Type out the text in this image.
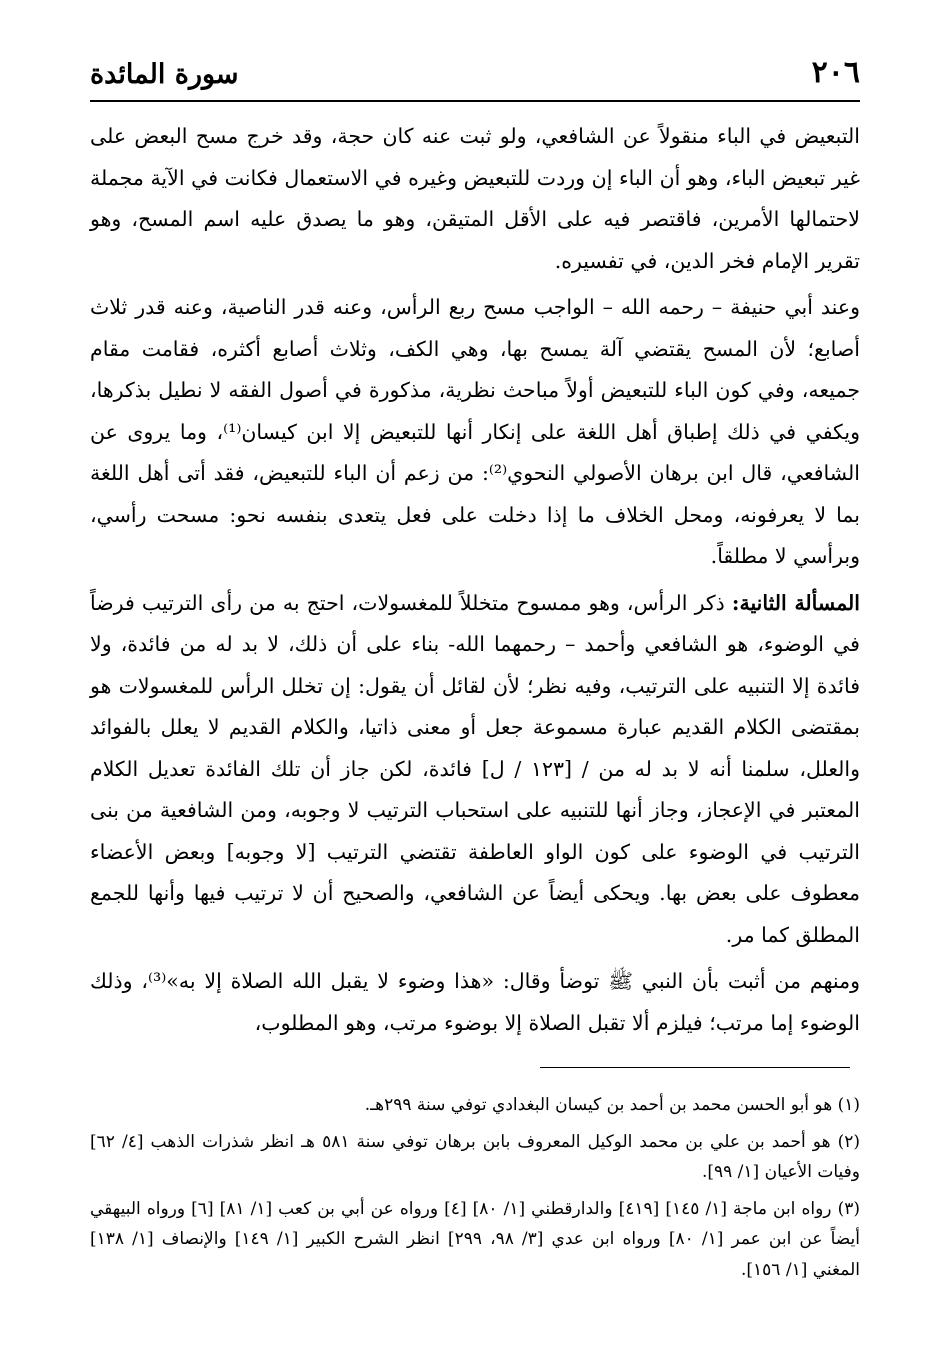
٢٠٦
سورة المائدة

التبعيض في الباء منقولاً عن الشافعي، ولو ثبت عنه كان حجة، وقد خرج مسح البعض على غير تبعيض الباء، وهو أن الباء إن وردت للتبعيض وغيره في الاستعمال فكانت في الآية مجملة لاحتمالها الأمرين، فاقتصر فيه على الأقل المتيقن، وهو ما يصدق عليه اسم المسح، وهو تقرير الإمام فخر الدين، في تفسيره.

وعند أبي حنيفة – رحمه الله – الواجب مسح ربع الرأس، وعنه قدر الناصية، وعنه قدر ثلاث أصابع؛ لأن المسح يقتضي آلة يمسح بها، وهي الكف، وثلاث أصابع أكثره، فقامت مقام جميعه، وفي كون الباء للتبعيض أولاً مباحث نظرية، مذكورة في أصول الفقه لا نطيل بذكرها، ويكفي في ذلك إطباق أهل اللغة على إنكار أنها للتبعيض إلا ابن كيسان⁽¹⁾، وما يروى عن الشافعي، قال ابن برهان الأصولي النحوي⁽²⁾: من زعم أن الباء للتبعيض، فقد أتى أهل اللغة بما لا يعرفونه، ومحل الخلاف ما إذا دخلت على فعل يتعدى بنفسه نحو: مسحت رأسي، وبرأسي لا مطلقاً.

المسألة الثانية: ذكر الرأس، وهو ممسوح متخللاً للمغسولات، احتج به من رأى الترتيب فرضاً في الوضوء، هو الشافعي وأحمد – رحمهما الله- بناء على أن ذلك، لا بد له من فائدة، ولا فائدة إلا التنبيه على الترتيب، وفيه نظر؛ لأن لقائل أن يقول: إن تخلل الرأس للمغسولات هو بمقتضى الكلام القديم عبارة مسموعة جعل أو معنى ذاتيا، والكلام القديم لا يعلل بالفوائد والعلل، سلمنا أنه لا بد له من / [١٢٣ / ل] فائدة، لكن جاز أن تلك الفائدة تعديل الكلام المعتبر في الإعجاز، وجاز أنها للتنبيه على استحباب الترتيب لا وجوبه، ومن الشافعية من بنى الترتيب في الوضوء على كون الواو العاطفة تقتضي الترتيب [لا وجوبه] وبعض الأعضاء معطوف على بعض بها. ويحكى أيضاً عن الشافعي، والصحيح أن لا ترتيب فيها وأنها للجمع المطلق كما مر.

ومنهم من أثبت بأن النبي ﷺ توضأ وقال: «هذا وضوء لا يقبل الله الصلاة إلا به»⁽³⁾، وذلك الوضوء إما مرتب؛ فيلزم ألا تقبل الصلاة إلا بوضوء مرتب، وهو المطلوب،

(١) هو أبو الحسن محمد بن أحمد بن كيسان البغدادي توفي سنة ٢٩٩هـ.

(٢) هو أحمد بن علي بن محمد الوكيل المعروف بابن برهان توفي سنة ٥٨١ هـ انظر شذرات الذهب [٤/ ٦٢] وفيات الأعيان [١/ ٩٩].

(٣) رواه ابن ماجة [١/ ١٤٥] [٤١٩] والدارقطني [١/ ٨٠] [٤] ورواه عن أبي بن كعب [١/ ٨١] [٦] ورواه البيهقي أيضاً عن ابن عمر [١/ ٨٠] ورواه ابن عدي [٣/ ٩٨، ٢٩٩] انظر الشرح الكبير [١/ ١٤٩] والإنصاف [١/ ١٣٨] المغني [١/ ١٥٦].
